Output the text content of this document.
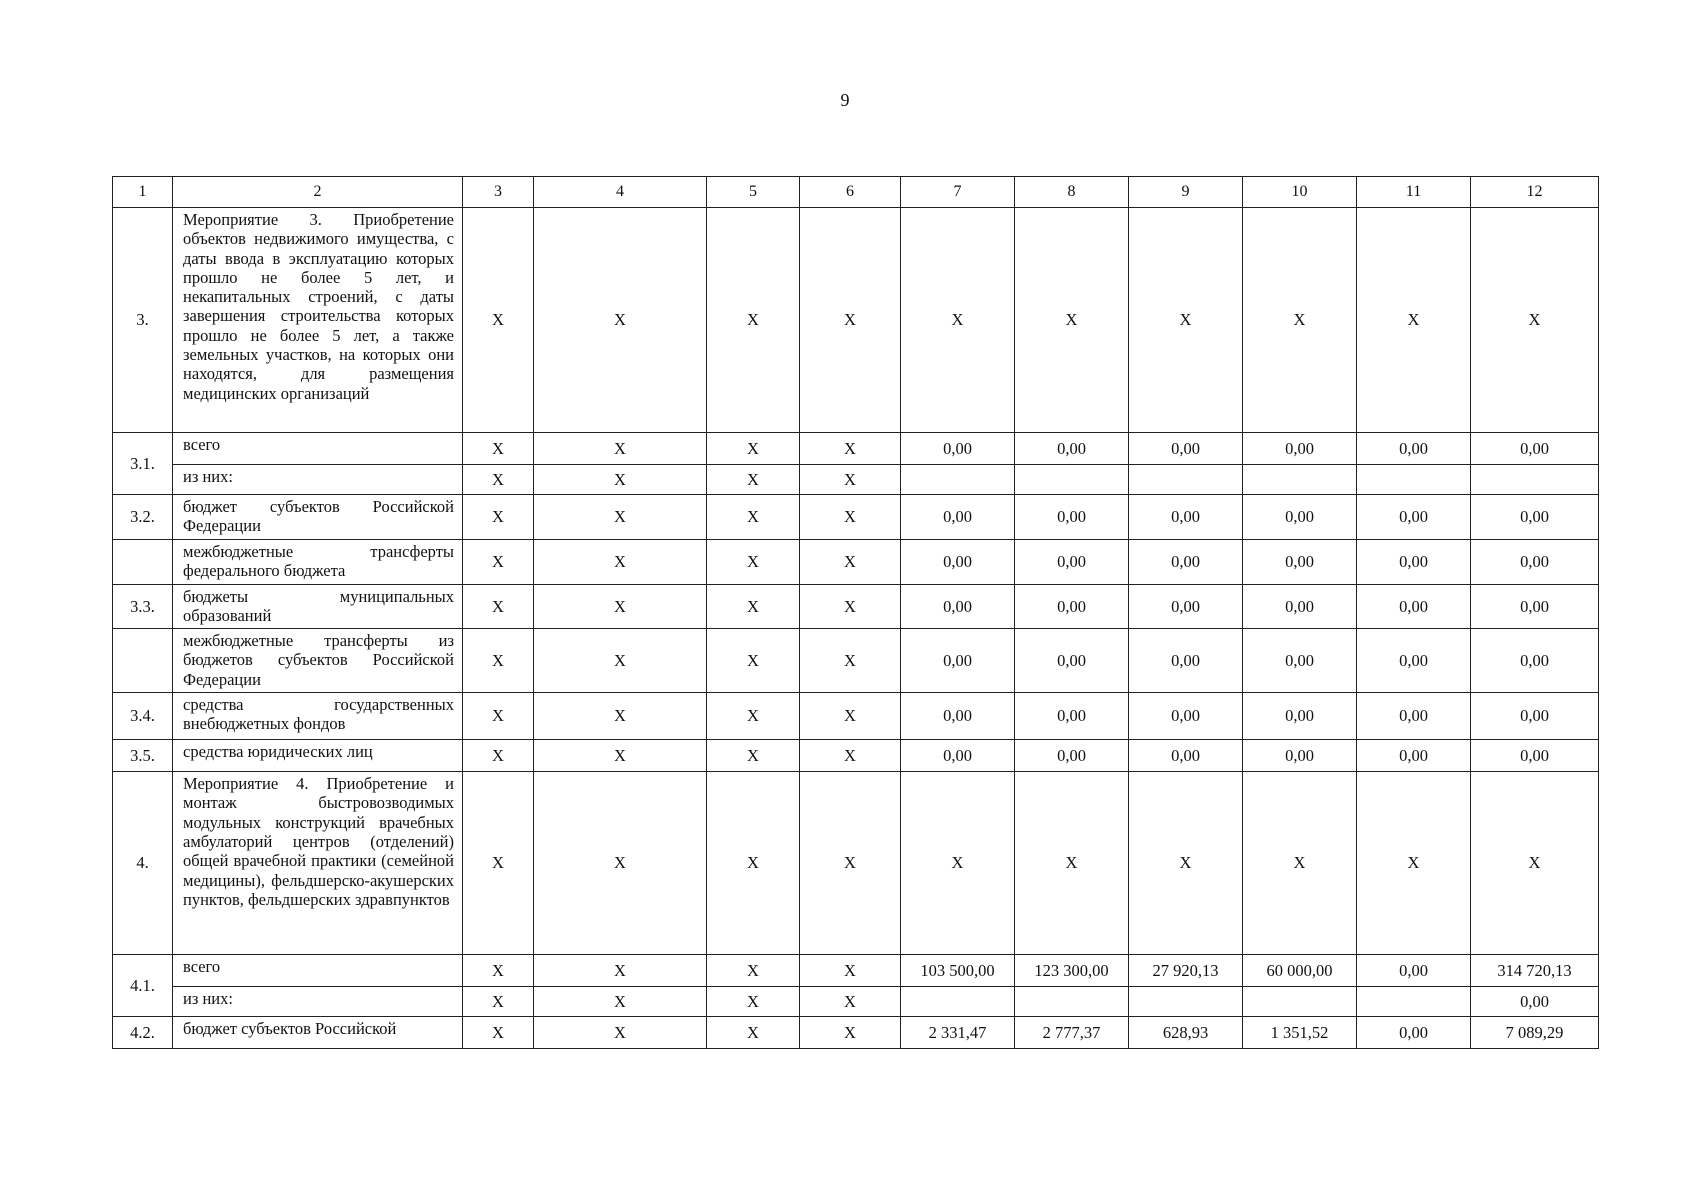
9
1	2	3	4	5	6	7	8	9	10	11	12
3.	Мероприятие 3. Приобретение объектов недвижимого имущества, с даты ввода в эксплуатацию которых прошло не более 5 лет, и некапитальных строений, с даты завершения строительства которых прошло не более 5 лет, а также земельных участков, на которых они находятся, для размещения медицинских организаций	X	X	X	X	X	X	X	X	X	X
3.1.	всего	X	X	X	X	0,00	0,00	0,00	0,00	0,00	0,00
	из них:	X	X	X	X						
3.2.	бюджет субъектов Российской Федерации	X	X	X	X	0,00	0,00	0,00	0,00	0,00	0,00
	межбюджетные трансферты федерального бюджета	X	X	X	X	0,00	0,00	0,00	0,00	0,00	0,00
3.3.	бюджеты муниципальных образований	X	X	X	X	0,00	0,00	0,00	0,00	0,00	0,00
	межбюджетные трансферты из бюджетов субъектов Российской Федерации	X	X	X	X	0,00	0,00	0,00	0,00	0,00	0,00
3.4.	средства государственных внебюджетных фондов	X	X	X	X	0,00	0,00	0,00	0,00	0,00	0,00
3.5.	средства юридических лиц	X	X	X	X	0,00	0,00	0,00	0,00	0,00	0,00
4.	Мероприятие 4. Приобретение и монтаж быстровозводимых модульных конструкций врачебных амбулаторий центров (отделений) общей врачебной практики (семейной медицины), фельдшерско-акушерских пунктов, фельдшерских здравпунктов	X	X	X	X	X	X	X	X	X	X
4.1.	всего	X	X	X	X	103 500,00	123 300,00	27 920,13	60 000,00	0,00	314 720,13
	из них:	X	X	X	X						0,00
4.2.	бюджет субъектов Российской	X	X	X	X	2 331,47	2 777,37	628,93	1 351,52	0,00	7 089,29
